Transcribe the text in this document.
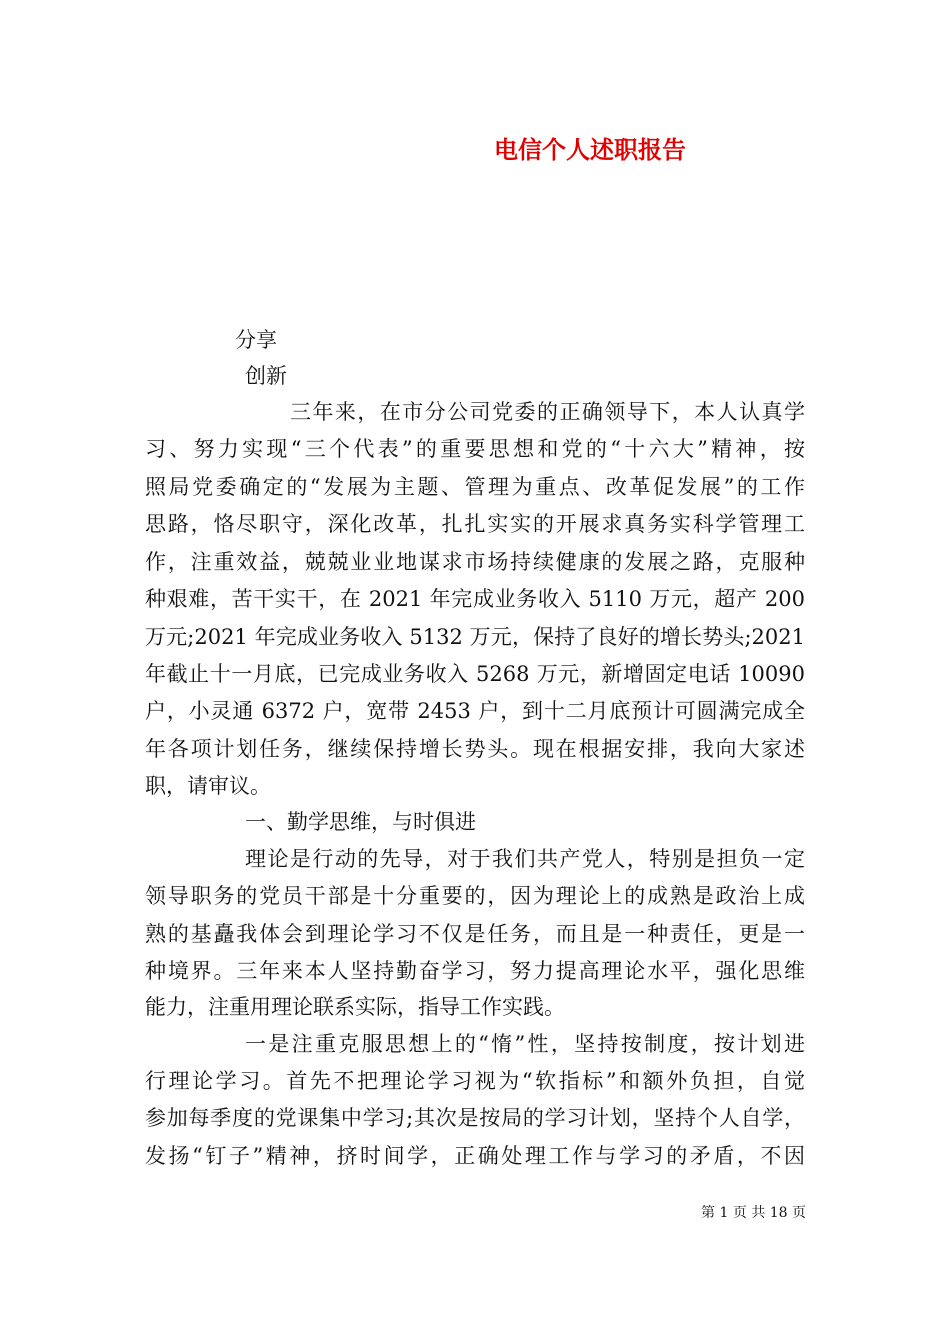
电信个人述职报告
分享
创新
三年来，在市分公司党委的正确领导下，本人认真学
习、努力实现“三个代表”的重要思想和党的“十六大”精神，按
照局党委确定的“发展为主题、管理为重点、改革促发展”的工作
思路，恪尽职守，深化改革，扎扎实实的开展求真务实科学管理工
作，注重效益，兢兢业业地谋求市场持续健康的发展之路，克服种
种艰难，苦干实干，在 2021 年完成业务收入 5110 万元，超产 200
万元;2021 年完成业务收入 5132 万元，保持了良好的增长势头;2021
年截止十一月底，已完成业务收入 5268 万元，新增固定电话 10090
户，小灵通 6372 户，宽带 2453 户，到十二月底预计可圆满完成全
年各项计划任务，继续保持增长势头。现在根据安排，我向大家述
职，请审议。
一、勤学思维，与时俱进
理论是行动的先导，对于我们共产党人，特别是担负一定
领导职务的党员干部是十分重要的，因为理论上的成熟是政治上成
熟的基矗我体会到理论学习不仅是任务，而且是一种责任，更是一
种境界。三年来本人坚持勤奋学习，努力提高理论水平，强化思维
能力，注重用理论联系实际，指导工作实践。
一是注重克服思想上的“惰”性，坚持按制度，按计划进
行理论学习。首先不把理论学习视为“软指标”和额外负担，自觉
参加每季度的党课集中学习;其次是按局的学习计划，坚持个人自学，
发扬“钉子”精神，挤时间学，正确处理工作与学习的矛盾，不因
第 1 页 共 18 页
